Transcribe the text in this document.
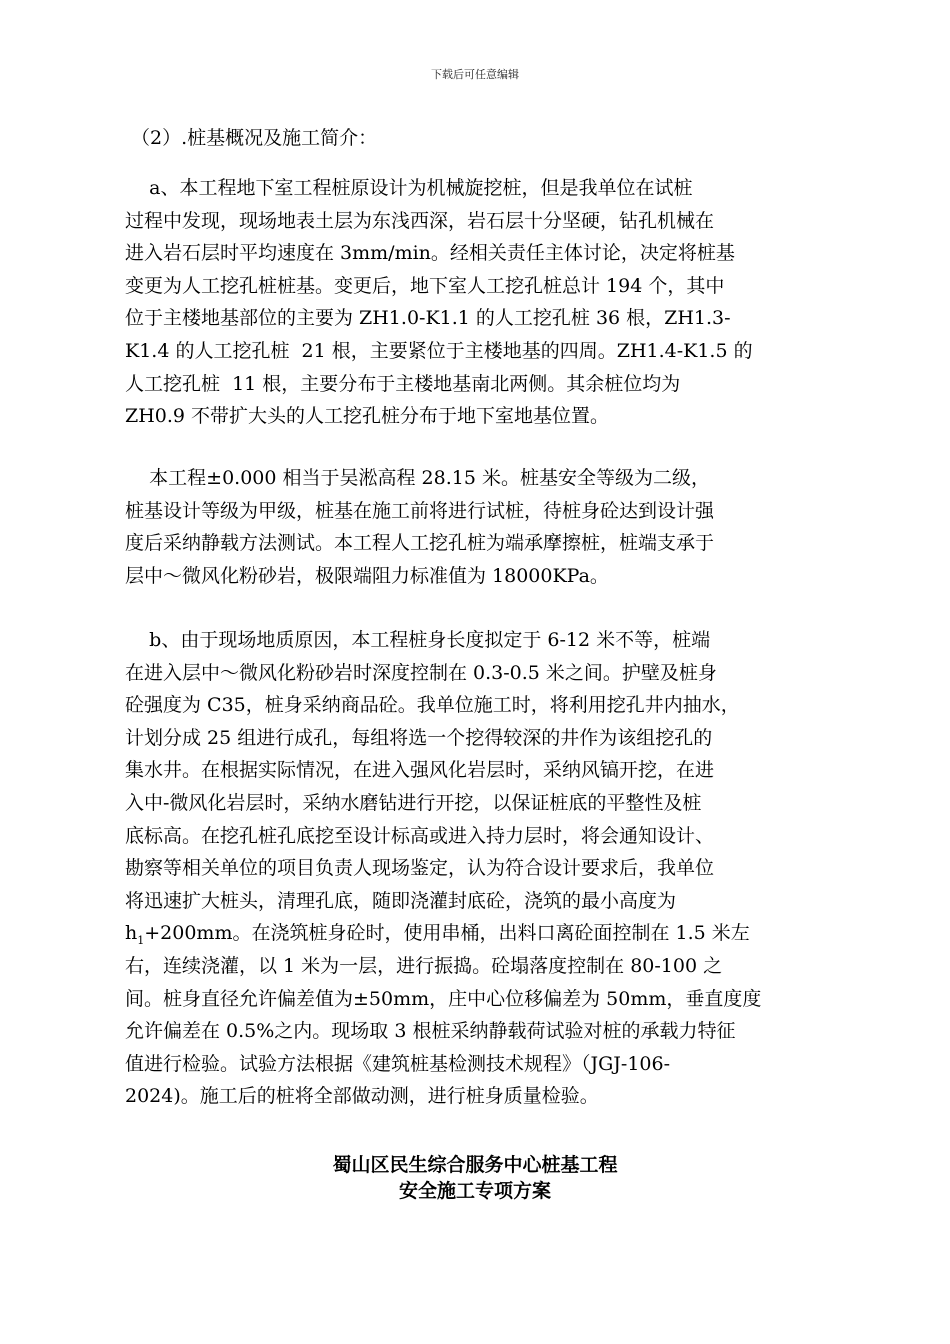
下载后可任意编辑
（2）.桩基概况及施工简介：
a、本工程地下室工程桩原设计为机械旋挖桩，但是我单位在试桩
过程中发现，现场地表土层为东浅西深，岩石层十分坚硬，钻孔机械在
进入岩石层时平均速度在 3mm/min。经相关责任主体讨论，决定将桩基
变更为人工挖孔桩桩基。变更后，地下室人工挖孔桩总计 194 个，其中
位于主楼地基部位的主要为 ZH1.0-K1.1 的人工挖孔桩 36 根，ZH1.3-
K1.4 的人工挖孔桩  21 根，主要紧位于主楼地基的四周。ZH1.4-K1.5 的
人工挖孔桩  11 根，主要分布于主楼地基南北两侧。其余桩位均为
ZH0.9 不带扩大头的人工挖孔桩分布于地下室地基位置。
本工程±0.000 相当于吴淞高程 28.15 米。桩基安全等级为二级，
桩基设计等级为甲级，桩基在施工前将进行试桩，待桩身砼达到设计强
度后采纳静载方法测试。本工程人工挖孔桩为端承摩擦桩，桩端支承于
层中～微风化粉砂岩，极限端阻力标准值为 18000KPa。
b、由于现场地质原因，本工程桩身长度拟定于 6-12 米不等，桩端
在进入层中～微风化粉砂岩时深度控制在 0.3-0.5 米之间。护壁及桩身
砼强度为 C35，桩身采纳商品砼。我单位施工时，将利用挖孔井内抽水，
计划分成 25 组进行成孔，每组将选一个挖得较深的井作为该组挖孔的
集水井。在根据实际情况，在进入强风化岩层时，采纳风镐开挖，在进
入中-微风化岩层时，采纳水磨钻进行开挖，以保证桩底的平整性及桩
底标高。在挖孔桩孔底挖至设计标高或进入持力层时，将会通知设计、
勘察等相关单位的项目负责人现场鉴定，认为符合设计要求后，我单位
将迅速扩大桩头，清理孔底，随即浇灌封底砼，浇筑的最小高度为
$h_1+200mm$。在浇筑桩身砼时，使用串桶，出料口离砼面控制在 1.5 米左
右，连续浇灌，以 1 米为一层，进行振捣。砼塌落度控制在 80-100 之
间。桩身直径允许偏差值为±50mm，庄中心位移偏差为 50mm，垂直度度
允许偏差在 0.5%之内。现场取 3 根桩采纳静载荷试验对桩的承载力特征
值进行检验。试验方法根据《建筑桩基检测技术规程》（JGJ-106-
2024)。施工后的桩将全部做动测，进行桩身质量检验。
蜀山区民生综合服务中心桩基工程
安全施工专项方案
